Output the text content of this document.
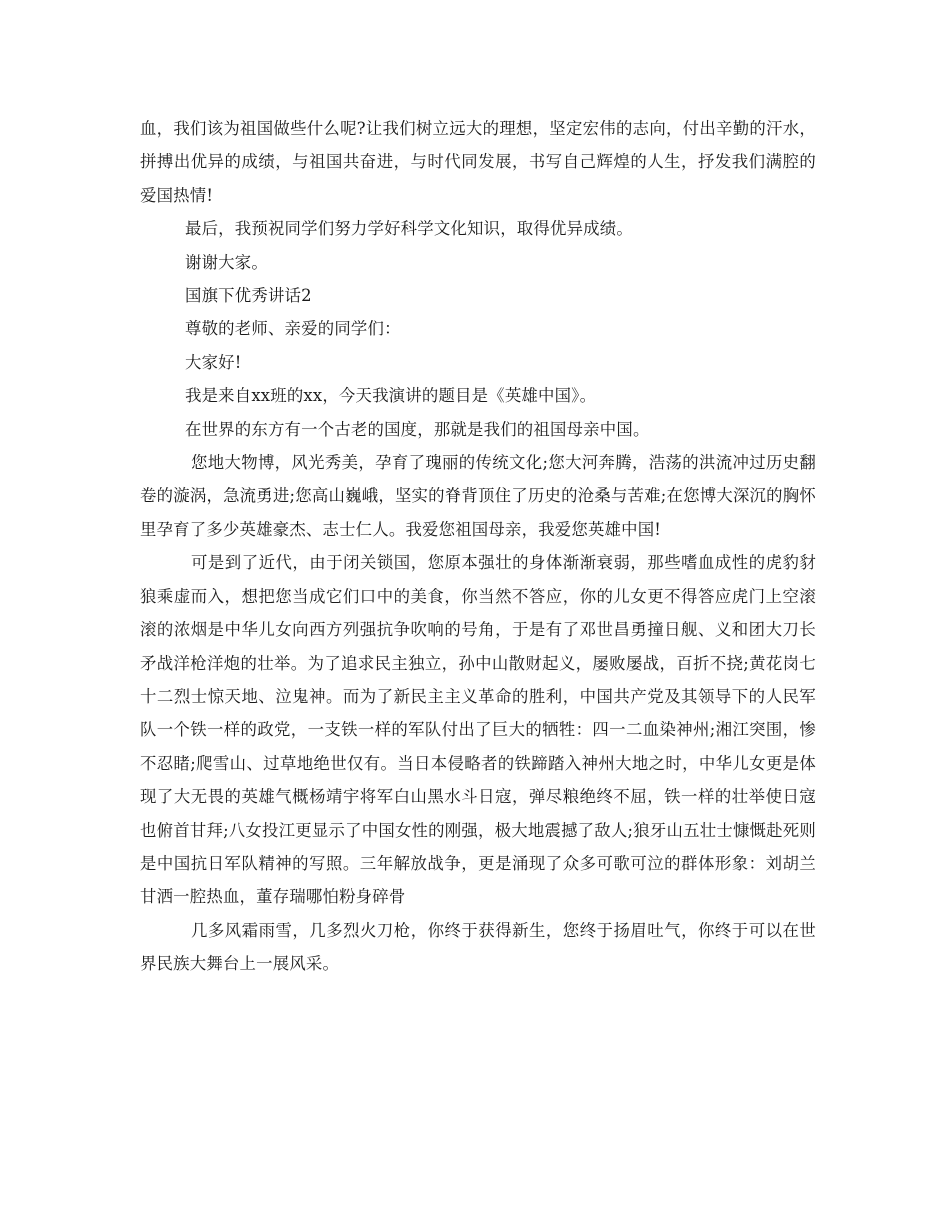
血，我们该为祖国做些什么呢?让我们树立远大的理想，坚定宏伟的志向，付出辛勤的汗水，拼搏出优异的成绩，与祖国共奋进，与时代同发展，书写自己辉煌的人生，抒发我们满腔的爱国热情!

最后，我预祝同学们努力学好科学文化知识，取得优异成绩。

谢谢大家。

国旗下优秀讲话2

尊敬的老师、亲爱的同学们：

大家好!

我是来自xx班的xx，今天我演讲的题目是《英雄中国》。

在世界的东方有一个古老的国度，那就是我们的祖国母亲中国。

您地大物博，风光秀美，孕育了瑰丽的传统文化;您大河奔腾，浩荡的洪流冲过历史翻卷的漩涡，急流勇进;您高山巍峨，坚实的脊背顶住了历史的沧桑与苦难;在您博大深沉的胸怀里孕育了多少英雄豪杰、志士仁人。我爱您祖国母亲，我爱您英雄中国!

可是到了近代，由于闭关锁国，您原本强壮的身体渐渐衰弱，那些嗜血成性的虎豹豺狼乘虚而入，想把您当成它们口中的美食，你当然不答应，你的儿女更不得答应虎门上空滚滚的浓烟是中华儿女向西方列强抗争吹响的号角，于是有了邓世昌勇撞日舰、义和团大刀长矛战洋枪洋炮的壮举。为了追求民主独立，孙中山散财起义，屡败屡战，百折不挠;黄花岗七十二烈士惊天地、泣鬼神。而为了新民主主义革命的胜利，中国共产党及其领导下的人民军队一个铁一样的政党，一支铁一样的军队付出了巨大的牺牲：四一二血染神州;湘江突围，惨不忍睹;爬雪山、过草地绝世仅有。当日本侵略者的铁蹄踏入神州大地之时，中华儿女更是体现了大无畏的英雄气概杨靖宇将军白山黑水斗日寇，弹尽粮绝终不屈，铁一样的壮举使日寇也俯首甘拜;八女投江更显示了中国女性的刚强，极大地震撼了敌人;狼牙山五壮士慷慨赴死则是中国抗日军队精神的写照。三年解放战争，更是涌现了众多可歌可泣的群体形象：刘胡兰甘洒一腔热血，董存瑞哪怕粉身碎骨

几多风霜雨雪，几多烈火刀枪，你终于获得新生，您终于扬眉吐气，你终于可以在世界民族大舞台上一展风采。
